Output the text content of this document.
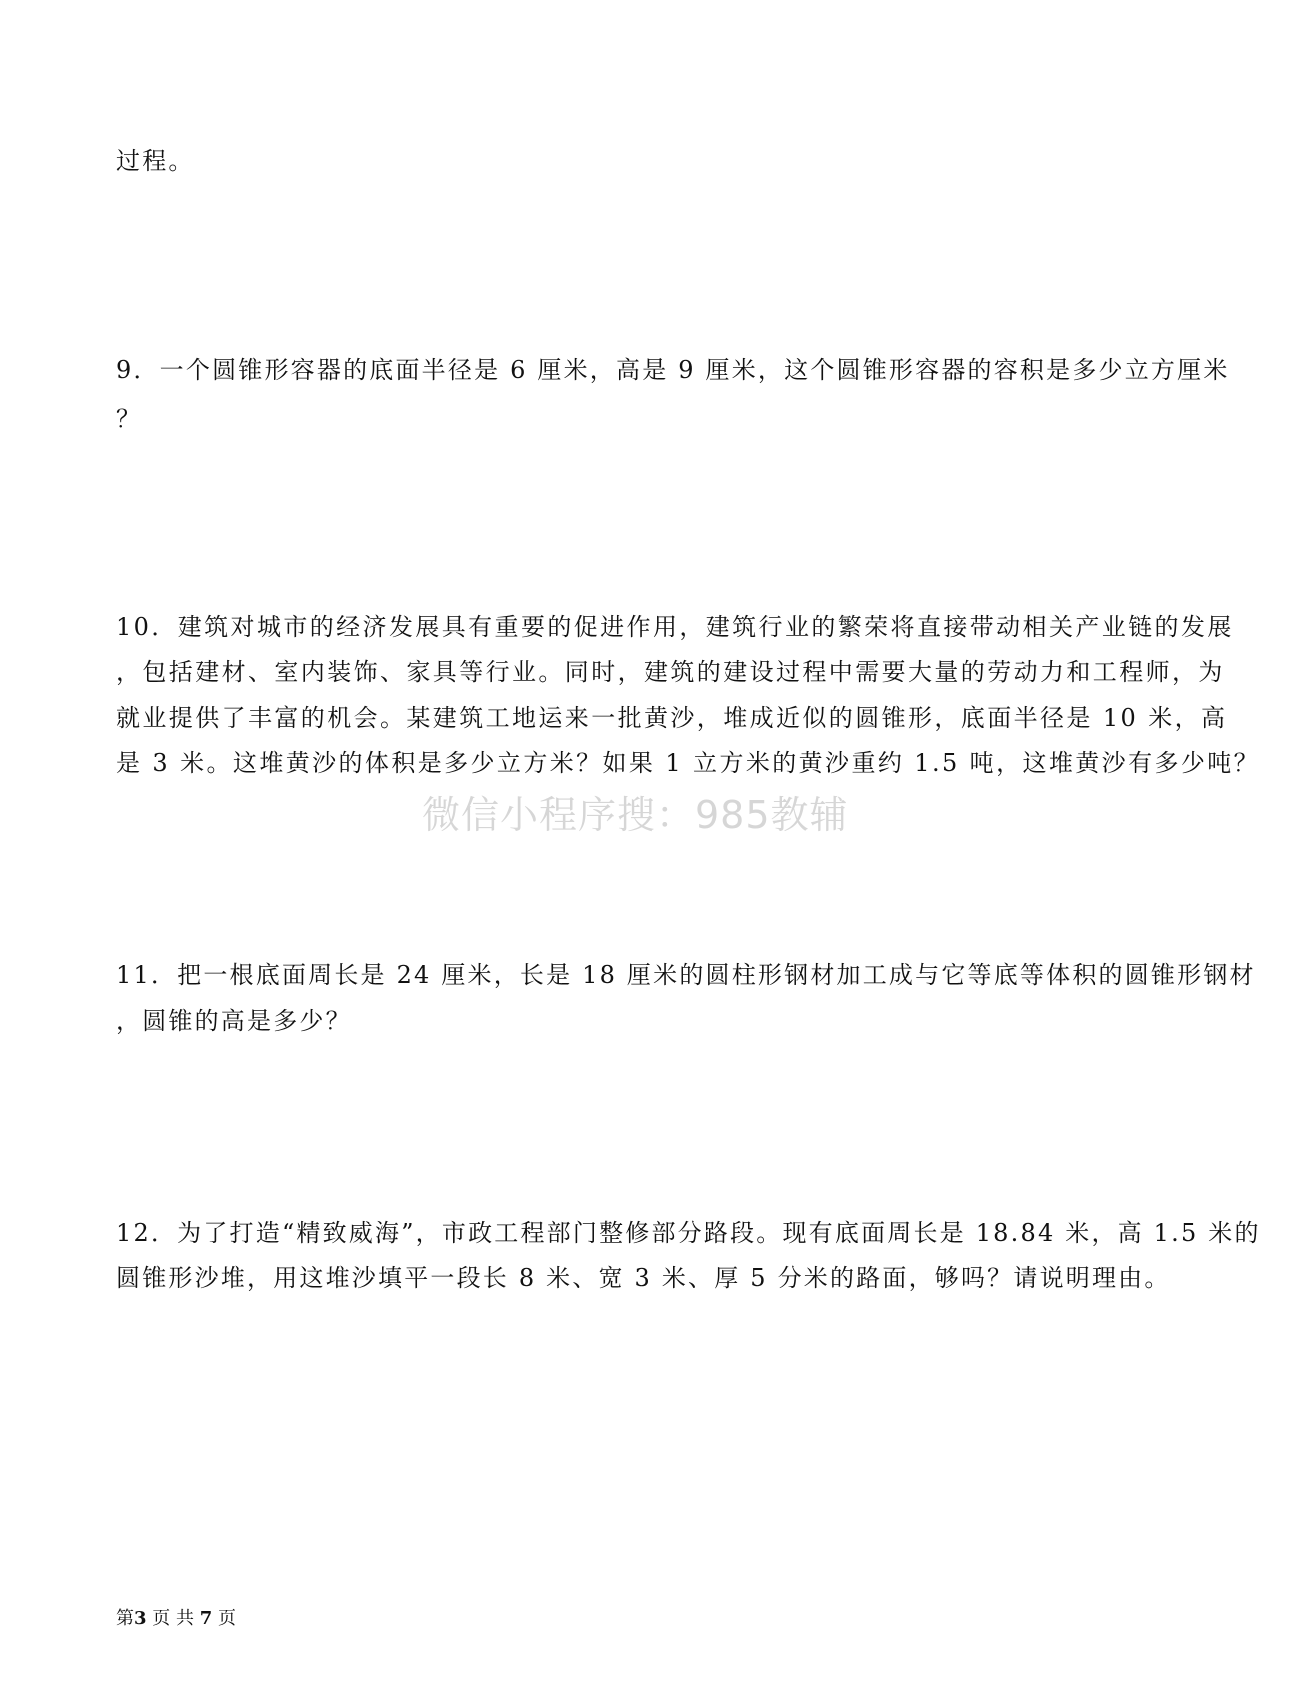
过程。
9．一个圆锥形容器的底面半径是 6 厘米，高是 9 厘米，这个圆锥形容器的容积是多少立方厘米
？
10．建筑对城市的经济发展具有重要的促进作用，建筑行业的繁荣将直接带动相关产业链的发展
，包括建材、室内装饰、家具等行业。同时，建筑的建设过程中需要大量的劳动力和工程师，为
就业提供了丰富的机会。某建筑工地运来一批黄沙，堆成近似的圆锥形，底面半径是 10 米，高
是 3 米。这堆黄沙的体积是多少立方米？如果 1 立方米的黄沙重约 1.5 吨，这堆黄沙有多少吨？
11．把一根底面周长是 24 厘米，长是 18 厘米的圆柱形钢材加工成与它等底等体积的圆锥形钢材
，圆锥的高是多少？
12．为了打造“精致威海”，市政工程部门整修部分路段。现有底面周长是 18.84 米，高 1.5 米的
圆锥形沙堆，用这堆沙填平一段长 8 米、宽 3 米、厚 5 分米的路面，够吗？请说明理由。
微信小程序搜：985教辅
第3 页 共 7 页
